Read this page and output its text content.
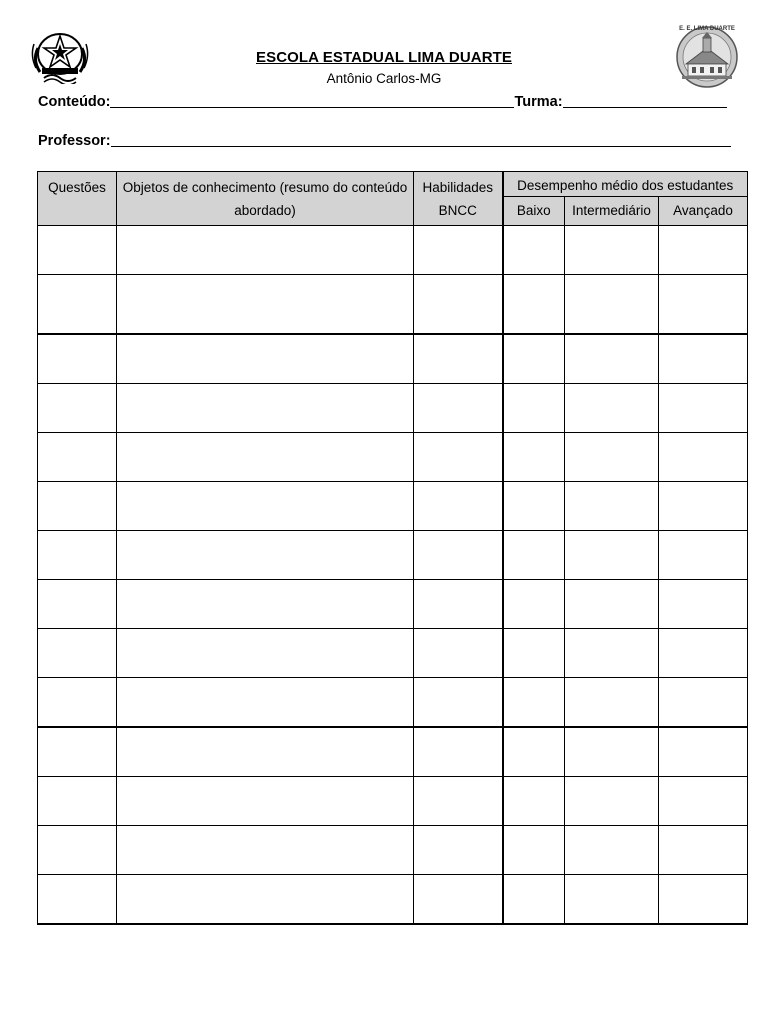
E. E. LIMA DUARTE
ESCOLA ESTADUAL LIMA DUARTE
Antônio Carlos-MG
Conteúdo:	Turma:
Professor:
Questões	Objetos de conhecimento (resumo do conteúdo abordado)	Habilidades BNCC	Desempenho médio dos estudantes		
			Baixo	Intermediário	Avançado
